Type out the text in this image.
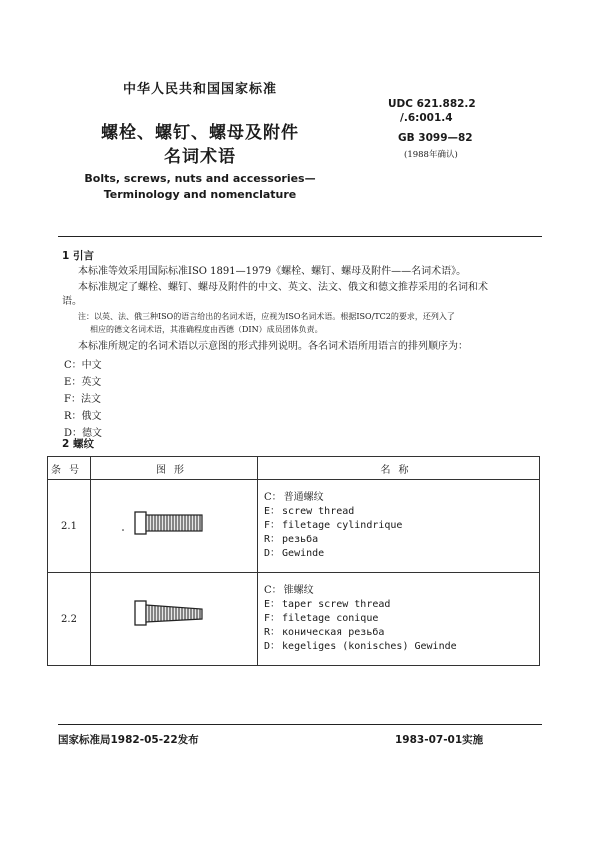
中华人民共和国国家标准
螺栓、螺钉、螺母及附件
名词术语
Bolts, screws, nuts and accessories—
Terminology and nomenclature
UDC 621.882.2
/.6:001.4
GB 3099—82
(1988年确认)
1 引言
本标准等效采用国际标准ISO 1891—1979《螺栓、螺钉、螺母及附件——名词术语》。
本标准规定了螺栓、螺钉、螺母及附件的中文、英文、法文、俄文和德文推荐采用的名词和术
语。
注：以英、法、俄三种ISO的语言给出的名词术语，应视为ISO名词术语。根据ISO/TC2的要求，还列入了
相应的德文名词术语，其准确程度由西德（DIN）成员团体负责。
本标准所规定的名词术语以示意图的形式排列说明。各名词术语所用语言的排列顺序为：
C：中文
E：英文
F：法文
R：俄文
D：德文
2 螺纹
条号	图形	名称
2.1		C： 普通螺纹
E： screw thread
F： filetage cylindrique
R： резьба
D： Gewinde

2.2		C： 锥螺纹
E： taper screw thread
F： filetage conique
R： коническая резьба
D： kegeliges (konisches) Gewinde
国家标准局1982-05-22发布	1983-07-01实施
